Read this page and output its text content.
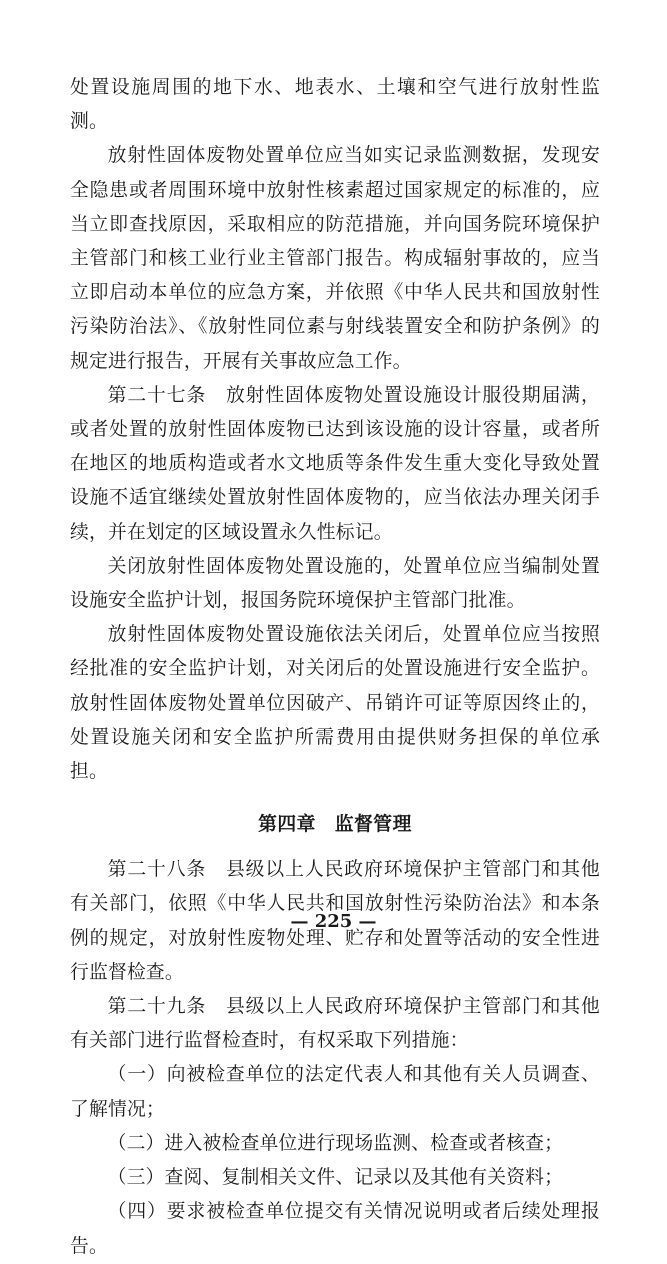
处置设施周围的地下水、地表水、土壤和空气进行放射性监测。

放射性固体废物处置单位应当如实记录监测数据，发现安全隐患或者周围环境中放射性核素超过国家规定的标准的，应当立即查找原因，采取相应的防范措施，并向国务院环境保护主管部门和核工业行业主管部门报告。构成辐射事故的，应当立即启动本单位的应急方案，并依照《中华人民共和国放射性污染防治法》、《放射性同位素与射线装置安全和防护条例》的规定进行报告，开展有关事故应急工作。

第二十七条　放射性固体废物处置设施设计服役期届满，或者处置的放射性固体废物已达到该设施的设计容量，或者所在地区的地质构造或者水文地质等条件发生重大变化导致处置设施不适宜继续处置放射性固体废物的，应当依法办理关闭手续，并在划定的区域设置永久性标记。

关闭放射性固体废物处置设施的，处置单位应当编制处置设施安全监护计划，报国务院环境保护主管部门批准。

放射性固体废物处置设施依法关闭后，处置单位应当按照经批准的安全监护计划，对关闭后的处置设施进行安全监护。放射性固体废物处置单位因破产、吊销许可证等原因终止的，处置设施关闭和安全监护所需费用由提供财务担保的单位承担。

第四章 监督管理

第二十八条　县级以上人民政府环境保护主管部门和其他有关部门，依照《中华人民共和国放射性污染防治法》和本条例的规定，对放射性废物处理、贮存和处置等活动的安全性进行监督检查。

第二十九条　县级以上人民政府环境保护主管部门和其他有关部门进行监督检查时，有权采取下列措施：

（一）向被检查单位的法定代表人和其他有关人员调查、了解情况；

（二）进入被检查单位进行现场监测、检查或者核查；

（三）查阅、复制相关文件、记录以及其他有关资料；

（四）要求被检查单位提交有关情况说明或者后续处理报告。

— 225 —
